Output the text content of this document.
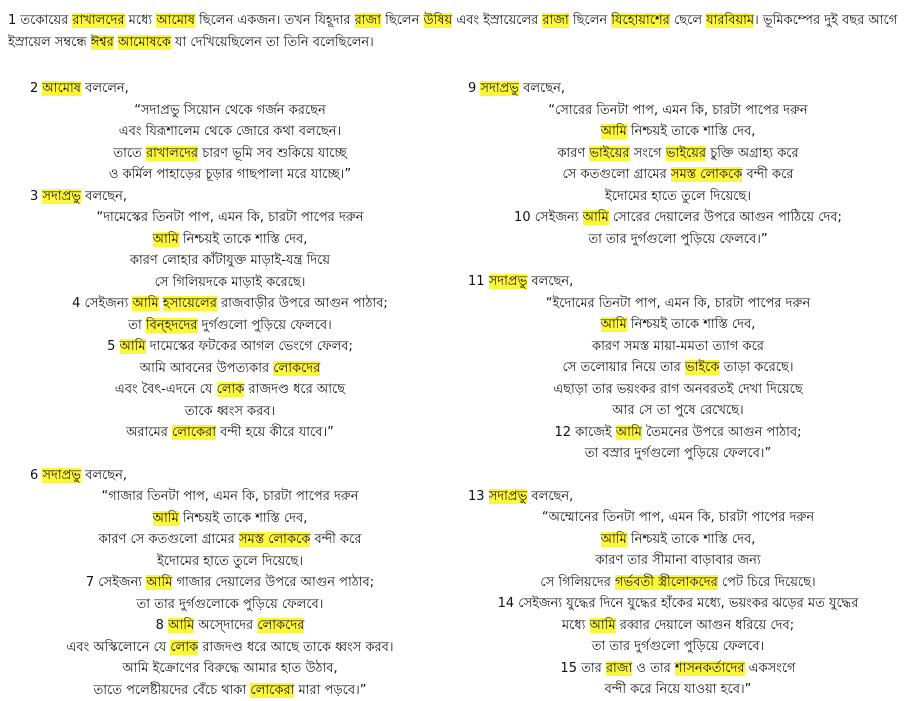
1 তকোয়ের রাখালদের মধ্যে আমোষ ছিলেন একজন। তখন যিহূদার রাজা ছিলেন উষিয় এবং ইস্রায়েলের রাজা ছিলেন যিহোয়াশের ছেলে যারবিয়াম। ভূমিকম্পের দুই বছর আগে ইস্রায়েল সম্বন্ধে ঈশ্বর আমোষকে যা দেখিয়েছিলেন তা তিনি বলেছিলেন।

2 আমোষ বললেন,

“সদাপ্রভু সিয়োন থেকে গর্জন করছেন
এবং যিরূশালেম থেকে জোরে কথা বলছেন।
তাতে রাখালদের চারণ ভূমি সব শুকিয়ে যাচ্ছে
ও কর্মিল পাহাড়ের চূড়ার গাছপালা মরে যাচ্ছে।”

3 সদাপ্রভু বলছেন,

“দামেস্কের তিনটা পাপ, এমন কি, চারটা পাপের দরুন
আমি নিশ্চয়ই তাকে শাস্তি দেব,
কারণ লোহার কাঁটাযুক্ত মাড়াই-যন্ত্র দিয়ে
সে গিলিয়দকে মাড়াই করেছে।
4 সেইজন্য আমি হসায়েলের রাজবাড়ীর উপরে আগুন পাঠাব;
তা বিন্হদদের দুর্গগুলো পুড়িয়ে ফেলবে।
5 আমি দামেস্কের ফটকের আগল ভেংগে ফেলব;
আমি আবনের উপত্যকার লোকদের
এবং বৈৎ-এদনে যে লোক রাজদণ্ড ধরে আছে
তাকে ধ্বংস করব।
অরামের লোকেরা বন্দী হয়ে কীরে যাবে।”

6 সদাপ্রভু বলছেন,

“গাজার তিনটা পাপ, এমন কি, চারটা পাপের দরুন
আমি নিশ্চয়ই তাকে শাস্তি দেব,
কারণ সে কতগুলো গ্রামের সমস্ত লোককে বন্দী করে
ইদোমের হাতে তুলে দিয়েছে।
7 সেইজন্য আমি গাজার দেয়ালের উপরে আগুন পাঠাব;
তা তার দুর্গগুলোকে পুড়িয়ে ফেলবে।
8 আমি অস্দোদের লোকদের
এবং অস্কিলোনে যে লোক রাজদণ্ড ধরে আছে তাকে ধ্বংস করব।
আমি ইক্রোণের বিরুদ্ধে আমার হাত উঠাব,
তাতে পলেষ্টীয়দের বেঁচে থাকা লোকেরা মারা পড়বে।”

9 সদাপ্রভু বলছেন,

“সোরের তিনটা পাপ, এমন কি, চারটা পাপের দরুন
আমি নিশ্চয়ই তাকে শাস্তি দেব,
কারণ ভাইয়ের সংগে ভাইয়ের চুক্তি অগ্রাহ্য করে
সে কতগুলো গ্রামের সমস্ত লোককে বন্দী করে
ইদোমের হাতে তুলে দিয়েছে।
10 সেইজন্য আমি সোরের দেয়ালের উপরে আগুন পাঠিয়ে দেব;
তা তার দুর্গগুলো পুড়িয়ে ফেলবে।”

11 সদাপ্রভু বলছেন,

“ইদোমের তিনটা পাপ, এমন কি, চারটা পাপের দরুন
আমি নিশ্চয়ই তাকে শাস্তি দেব,
কারণ সমস্ত মায়া-মমতা ত্যাগ করে
সে তলোয়ার নিয়ে তার ভাইকে তাড়া করেছে।
এছাড়া তার ভয়ংকর রাগ অনবরতই দেখা দিয়েছে
আর সে তা পুষে রেখেছে।
12 কাজেই আমি তৈমনের উপরে আগুন পাঠাব;
তা বস্রার দুর্গগুলো পুড়িয়ে ফেলবে।”

13 সদাপ্রভু বলছেন,

“অম্মোনের তিনটা পাপ, এমন কি, চারটা পাপের দরুন
আমি নিশ্চয়ই তাকে শাস্তি দেব,
কারণ তার সীমানা বাড়াবার জন্য
সে গিলিয়দের গর্ভবতী স্ত্রীলোকদের পেট চিরে দিয়েছে।
14 সেইজন্য যুদ্ধের দিনে যুদ্ধের হাঁকের মধ্যে, ভয়ংকর ঝড়ের মত যুদ্ধের
মধ্যে আমি রব্বার দেয়ালে আগুন ধরিয়ে দেব;
তা তার দুর্গগুলো পুড়িয়ে ফেলবে।
15 তার রাজা ও তার শাসনকর্তাদের একসংগে
বন্দী করে নিয়ে যাওয়া হবে।”
